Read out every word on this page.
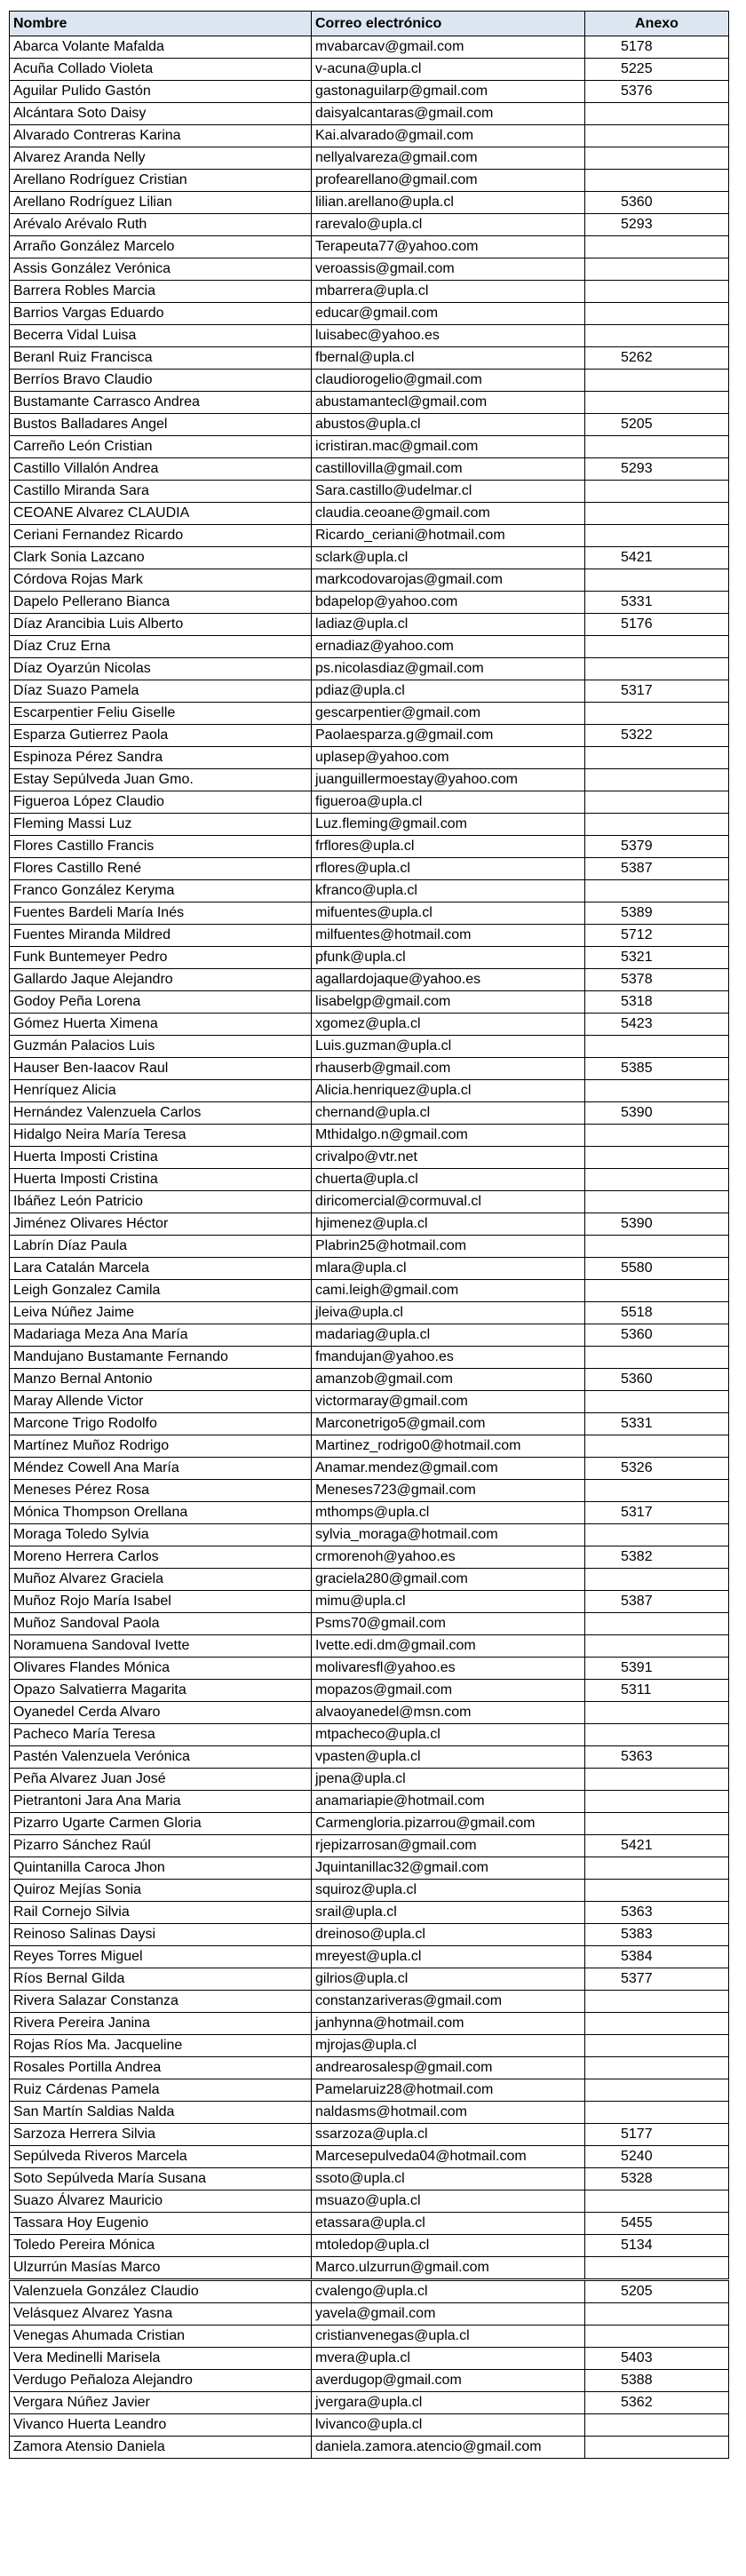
Nombre	Correo electrónico	Anexo
Abarca Volante Mafalda	mvabarcav@gmail.com	5178
Acuña Collado Violeta	v-acuna@upla.cl	5225
Aguilar Pulido Gastón	gastonaguilarp@gmail.com	5376
Alcántara Soto Daisy	daisyalcantaras@gmail.com	
Alvarado Contreras Karina	Kai.alvarado@gmail.com	
Alvarez Aranda Nelly	nellyalvareza@gmail.com	
Arellano Rodríguez Cristian	profearellano@gmail.com	
Arellano Rodríguez Lilian	lilian.arellano@upla.cl	5360
Arévalo Arévalo Ruth	rarevalo@upla.cl	5293
Arraño González Marcelo	Terapeuta77@yahoo.com	
Assis González Verónica	veroassis@gmail.com	
Barrera Robles Marcia	mbarrera@upla.cl	
Barrios Vargas Eduardo	educar@gmail.com	
Becerra Vidal Luisa	luisabec@yahoo.es	
Beranl Ruiz Francisca	fbernal@upla.cl	5262
Berríos Bravo Claudio	claudiorogelio@gmail.com	
Bustamante Carrasco Andrea	abustamantecl@gmail.com	
Bustos Balladares Angel	abustos@upla.cl	5205
Carreño León Cristian	icristiran.mac@gmail.com	
Castillo Villalón Andrea	castillovilla@gmail.com	5293
Castillo Miranda Sara	Sara.castillo@udelmar.cl	
CEOANE Alvarez CLAUDIA	claudia.ceoane@gmail.com	
Ceriani Fernandez Ricardo	Ricardo_ceriani@hotmail.com	
Clark Sonia Lazcano	sclark@upla.cl	5421
Córdova Rojas Mark	markcodovarojas@gmail.com	
Dapelo Pellerano Bianca	bdapelop@yahoo.com	5331
Díaz Arancibia Luis Alberto	ladiaz@upla.cl	5176
Díaz Cruz Erna	ernadiaz@yahoo.com	
Díaz Oyarzún Nicolas	ps.nicolasdiaz@gmail.com	
Díaz Suazo Pamela	pdiaz@upla.cl	5317
Escarpentier Feliu Giselle	gescarpentier@gmail.com	
Esparza Gutierrez Paola	Paolaesparza.g@gmail.com	5322
Espinoza Pérez Sandra	uplasep@yahoo.com	
Estay Sepúlveda Juan Gmo.	juanguillermoestay@yahoo.com	
Figueroa López Claudio	figueroa@upla.cl	
Fleming Massi Luz	Luz.fleming@gmail.com	
Flores Castillo Francis	frflores@upla.cl	5379
Flores Castillo René	rflores@upla.cl	5387
Franco González Keryma	kfranco@upla.cl	
Fuentes Bardeli María Inés	mifuentes@upla.cl	5389
Fuentes Miranda Mildred	milfuentes@hotmail.com	5712
Funk Buntemeyer Pedro	pfunk@upla.cl	5321
Gallardo Jaque Alejandro	agallardojaque@yahoo.es	5378
Godoy Peña Lorena	lisabelgp@gmail.com	5318
Gómez Huerta Ximena	xgomez@upla.cl	5423
Guzmán Palacios Luis	Luis.guzman@upla.cl	
Hauser Ben-Iaacov Raul	rhauserb@gmail.com	5385
Henríquez Alicia	Alicia.henriquez@upla.cl	
Hernández Valenzuela Carlos	chernand@upla.cl	5390
Hidalgo Neira María Teresa	Mthidalgo.n@gmail.com	
Huerta Imposti Cristina	crivalpo@vtr.net	
Huerta Imposti Cristina	chuerta@upla.cl	
Ibáñez León Patricio	diricomercial@cormuval.cl	
Jiménez Olivares Héctor	hjimenez@upla.cl	5390
Labrín Díaz Paula	Plabrin25@hotmail.com	
Lara Catalán Marcela	mlara@upla.cl	5580
Leigh Gonzalez Camila	cami.leigh@gmail.com	
Leiva Núñez Jaime	jleiva@upla.cl	5518
Madariaga Meza Ana María	madariag@upla.cl	5360
Mandujano Bustamante Fernando	fmandujan@yahoo.es	
Manzo Bernal Antonio	amanzob@gmail.com	5360
Maray Allende Victor	victormaray@gmail.com	
Marcone Trigo Rodolfo	Marconetrigo5@gmail.com	5331
Martínez Muñoz Rodrigo	Martinez_rodrigo0@hotmail.com	
Méndez Cowell Ana María	Anamar.mendez@gmail.com	5326
Meneses Pérez Rosa	Meneses723@gmail.com	
Mónica Thompson Orellana	mthomps@upla.cl	5317
Moraga Toledo Sylvia	sylvia_moraga@hotmail.com	
Moreno Herrera Carlos	crmorenoh@yahoo.es	5382
Muñoz Alvarez Graciela	graciela280@gmail.com	
Muñoz Rojo María Isabel	mimu@upla.cl	5387
Muñoz Sandoval Paola	Psms70@gmail.com	
Noramuena Sandoval Ivette	Ivette.edi.dm@gmail.com	
Olivares Flandes Mónica	molivaresfl@yahoo.es	5391
Opazo Salvatierra Magarita	mopazos@gmail.com	5311
Oyanedel Cerda Alvaro	alvaoyanedel@msn.com	
Pacheco María Teresa	mtpacheco@upla.cl	
Pastén Valenzuela Verónica	vpasten@upla.cl	5363
Peña Alvarez Juan José	jpena@upla.cl	
Pietrantoni Jara Ana Maria	anamariapie@hotmail.com	
Pizarro Ugarte Carmen Gloria	Carmengloria.pizarrou@gmail.com	
Pizarro Sánchez Raúl	rjepizarrosan@gmail.com	5421
Quintanilla Caroca Jhon	Jquintanillac32@gmail.com	
Quiroz Mejías Sonia	squiroz@upla.cl	
Rail Cornejo Silvia	srail@upla.cl	5363
Reinoso Salinas Daysi	dreinoso@upla.cl	5383
Reyes Torres Miguel	mreyest@upla.cl	5384
Ríos Bernal Gilda	gilrios@upla.cl	5377
Rivera Salazar Constanza	constanzariveras@gmail.com	
Rivera Pereira Janina	janhynna@hotmail.com	
Rojas Ríos Ma. Jacqueline	mjrojas@upla.cl	
Rosales Portilla Andrea	andrearosalesp@gmail.com	
Ruiz Cárdenas Pamela	Pamelaruiz28@hotmail.com	
San Martín Saldias Nalda	naldasms@hotmail.com	
Sarzoza Herrera Silvia	ssarzoza@upla.cl	5177
Sepúlveda Riveros Marcela	Marcesepulveda04@hotmail.com	5240
Soto Sepúlveda María Susana	ssoto@upla.cl	5328
Suazo Álvarez Mauricio	msuazo@upla.cl	
Tassara Hoy Eugenio	etassara@upla.cl	5455
Toledo Pereira Mónica	mtoledop@upla.cl	5134
Ulzurrún Masías Marco	Marco.ulzurrun@gmail.com	
Valenzuela González Claudio	cvalengo@upla.cl	5205
Velásquez Alvarez Yasna	yavela@gmail.com	
Venegas Ahumada Cristian	cristianvenegas@upla.cl	
Vera Medinelli Marisela	mvera@upla.cl	5403
Verdugo Peñaloza Alejandro	averdugop@gmail.com	5388
Vergara Núñez Javier	jvergara@upla.cl	5362
Vivanco Huerta Leandro	lvivanco@upla.cl	
Zamora Atensio Daniela	daniela.zamora.atencio@gmail.com	
